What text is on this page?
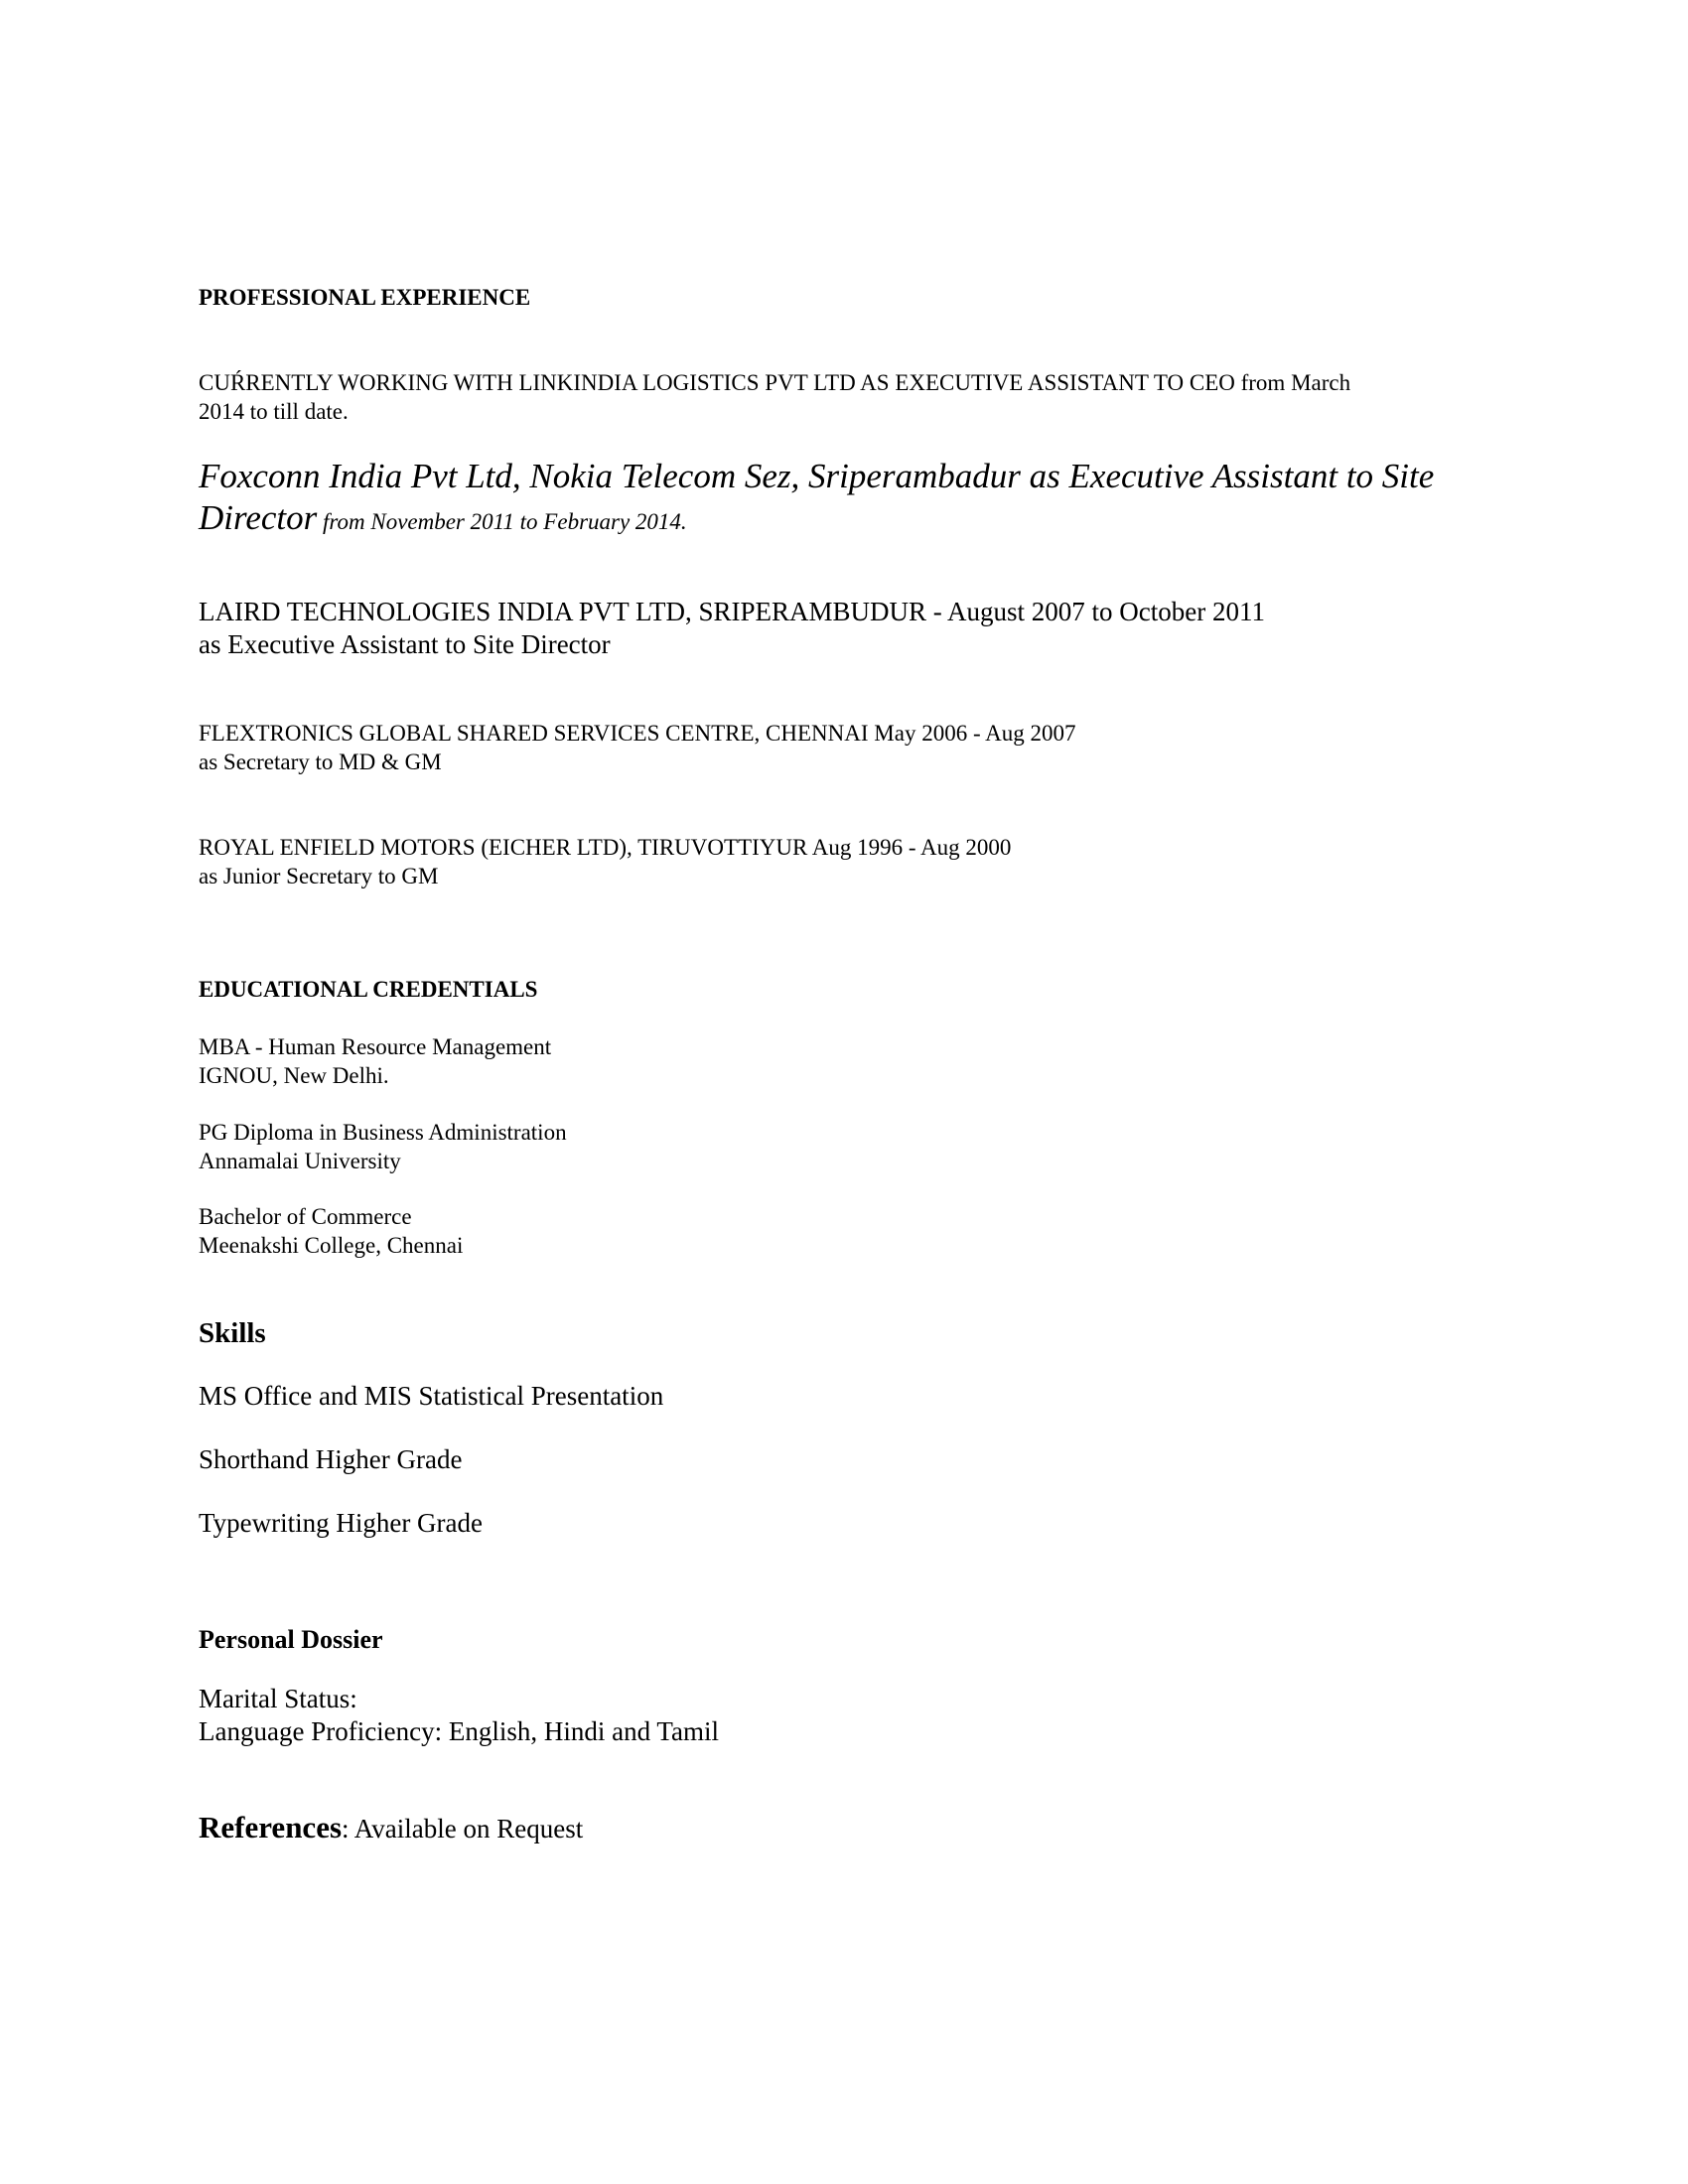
PROFESSIONAL EXPERIENCE
CUŔRENTLY WORKING WITH LINKINDIA LOGISTICS PVT LTD AS EXECUTIVE ASSISTANT TO CEO from March
2014 to till date.
Foxconn India Pvt Ltd, Nokia Telecom Sez, Sriperambadur as Executive Assistant to Site
Director from November 2011 to February 2014.
LAIRD TECHNOLOGIES INDIA PVT LTD, SRIPERAMBUDUR - August 2007 to October 2011
as Executive Assistant to Site Director
FLEXTRONICS GLOBAL SHARED SERVICES CENTRE, CHENNAI May 2006 - Aug 2007
as Secretary to MD & GM
ROYAL ENFIELD MOTORS (EICHER LTD), TIRUVOTTIYUR Aug 1996 - Aug 2000
as Junior Secretary to GM
EDUCATIONAL CREDENTIALS
MBA - Human Resource Management
IGNOU, New Delhi.
PG Diploma in Business Administration
Annamalai University
Bachelor of Commerce
Meenakshi College, Chennai
Skills
MS Office and MIS Statistical Presentation
Shorthand Higher Grade
Typewriting Higher Grade
Personal Dossier
Marital Status:
Language Proficiency: English, Hindi and Tamil
References: Available on Request
